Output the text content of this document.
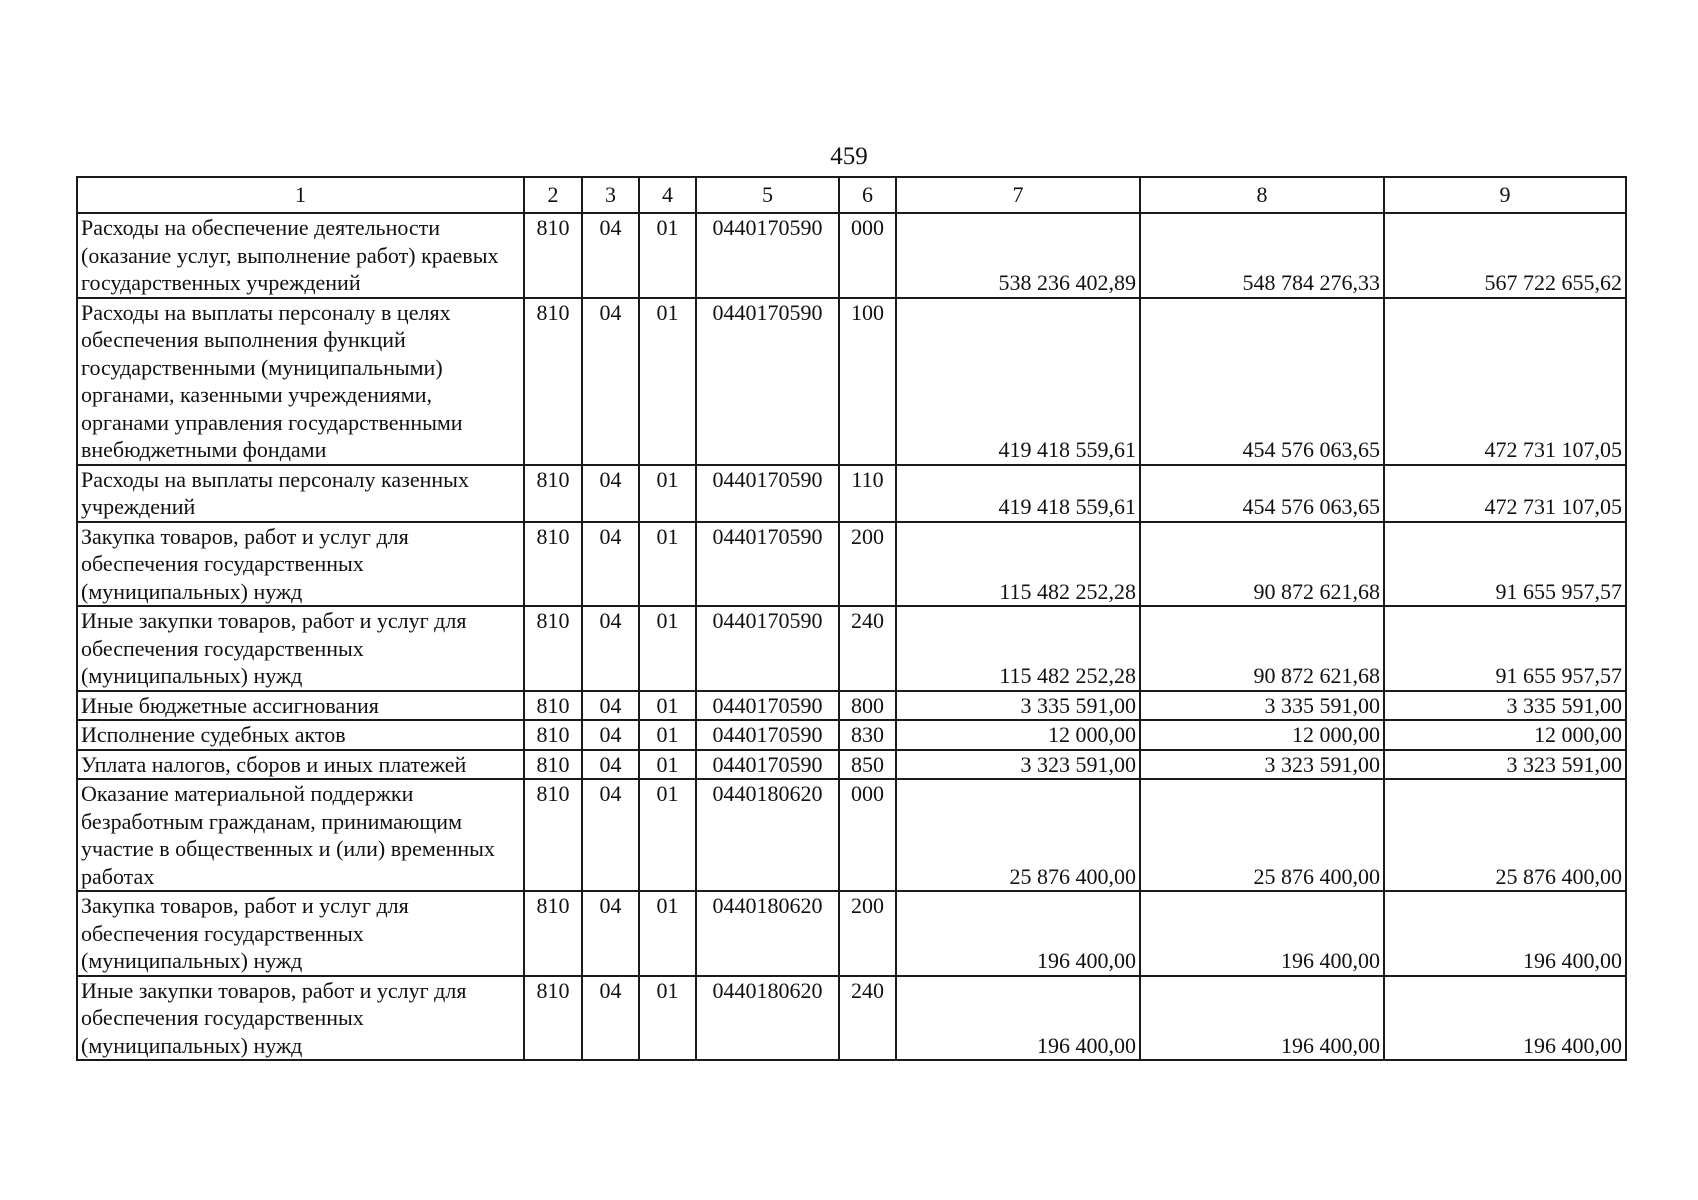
459
1	2	3	4	5	6	7	8	9
Расходы на обеспечение деятельности (оказание услуг, выполнение работ) краевых государственных учреждений	810	04	01	0440170590	000	538 236 402,89	548 784 276,33	567 722 655,62
Расходы на выплаты персоналу в целях обеспечения выполнения функций государственными (муниципальными) органами, казенными учреждениями, органами управления государственными внебюджетными фондами	810	04	01	0440170590	100	419 418 559,61	454 576 063,65	472 731 107,05
Расходы на выплаты персоналу казенных учреждений	810	04	01	0440170590	110	419 418 559,61	454 576 063,65	472 731 107,05
Закупка товаров, работ и услуг для обеспечения государственных (муниципальных) нужд	810	04	01	0440170590	200	115 482 252,28	90 872 621,68	91 655 957,57
Иные закупки товаров, работ и услуг для обеспечения государственных (муниципальных) нужд	810	04	01	0440170590	240	115 482 252,28	90 872 621,68	91 655 957,57
Иные бюджетные ассигнования	810	04	01	0440170590	800	3 335 591,00	3 335 591,00	3 335 591,00
Исполнение судебных актов	810	04	01	0440170590	830	12 000,00	12 000,00	12 000,00
Уплата налогов, сборов и иных платежей	810	04	01	0440170590	850	3 323 591,00	3 323 591,00	3 323 591,00
Оказание материальной поддержки безработным гражданам, принимающим участие в общественных и (или) временных работах	810	04	01	0440180620	000	25 876 400,00	25 876 400,00	25 876 400,00
Закупка товаров, работ и услуг для обеспечения государственных (муниципальных) нужд	810	04	01	0440180620	200	196 400,00	196 400,00	196 400,00
Иные закупки товаров, работ и услуг для обеспечения государственных (муниципальных) нужд	810	04	01	0440180620	240	196 400,00	196 400,00	196 400,00
